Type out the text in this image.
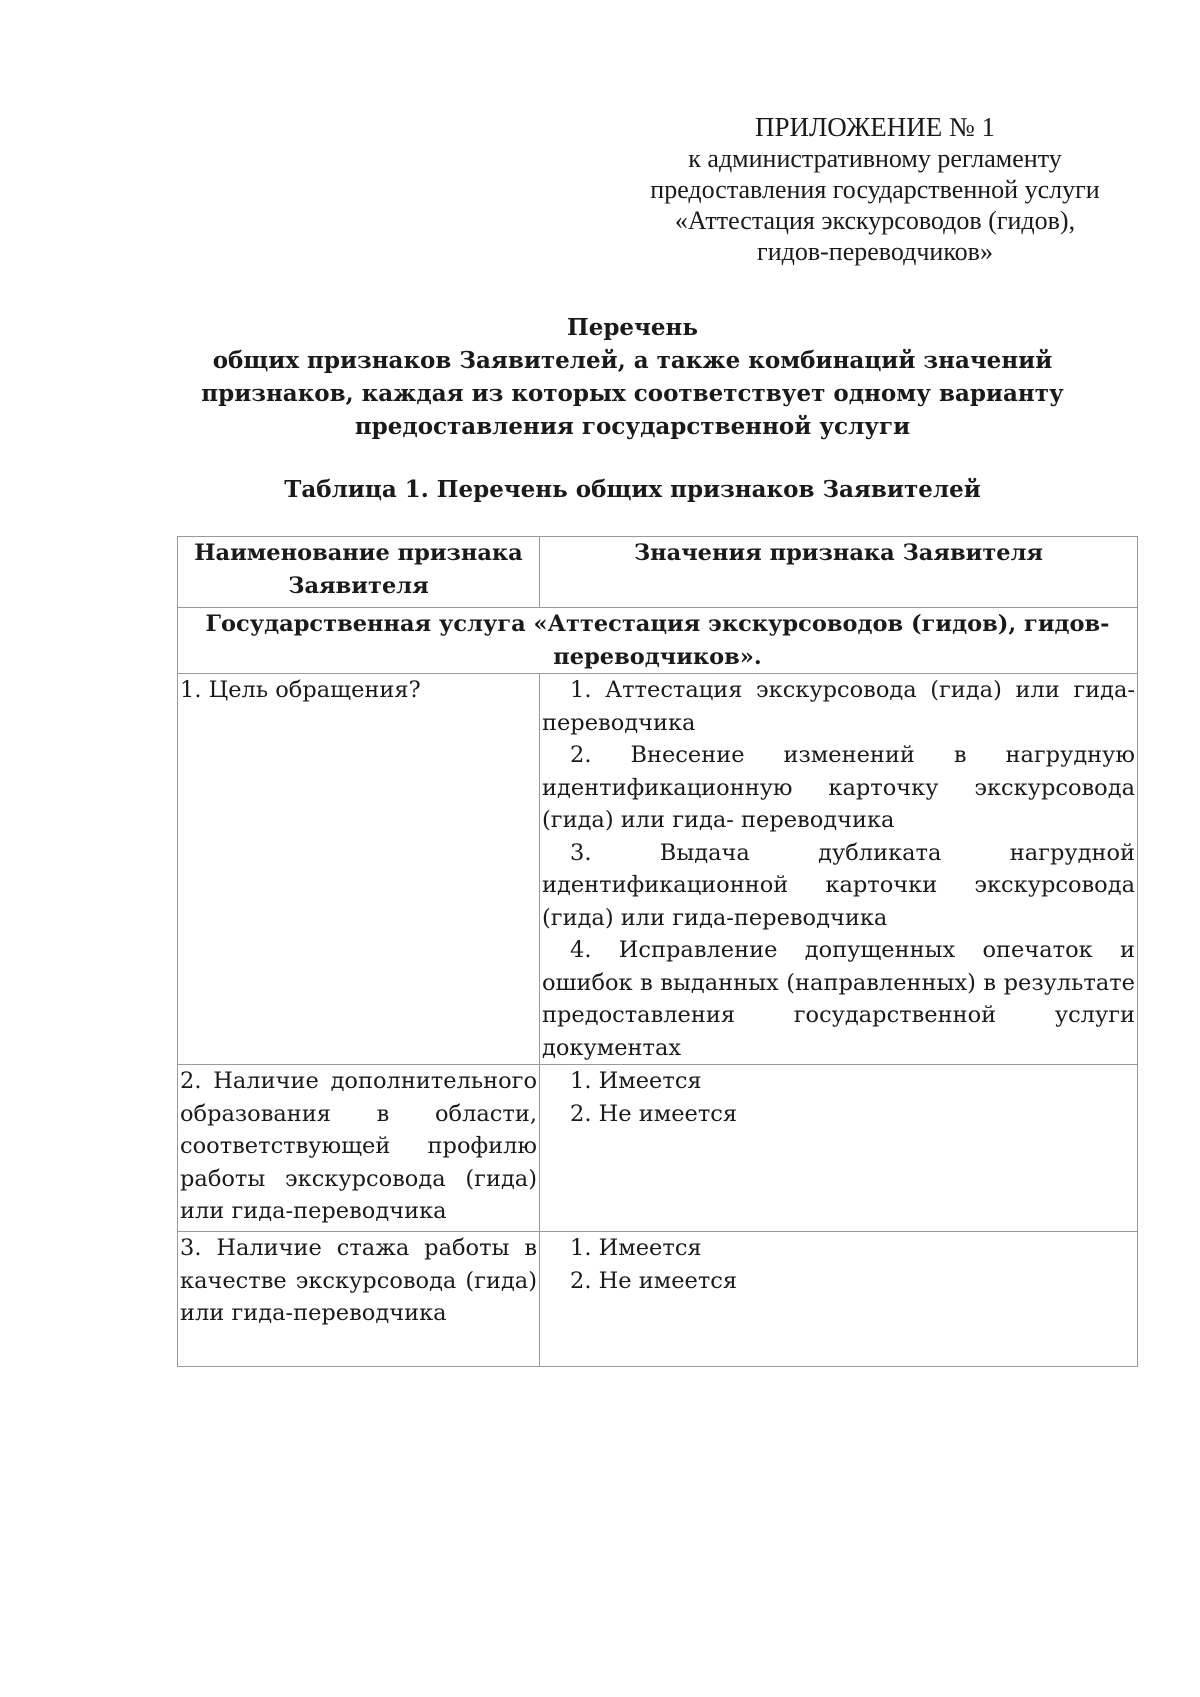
ПРИЛОЖЕНИЕ № 1
к административному регламенту
предоставления государственной услуги
«Аттестация экскурсоводов (гидов),
гидов-переводчиков»
Перечень
общих признаков Заявителей, а также комбинаций значений
признаков, каждая из которых соответствует одному варианту
предоставления государственной услуги
Таблица 1. Перечень общих признаков Заявителей
Наименование признака Заявителя	Значения признака Заявителя
Государственная услуга «Аттестация экскурсоводов (гидов), гидов-переводчиков».	

1. Цель обращения?	1. Аттестация экскурсовода (гида) или гида-переводчика

2. Внесение изменений в нагрудную идентификационную карточку экскурсовода (гида) или гида- переводчика

3. Выдача дубликата нагрудной идентификационной карточки экскурсовода (гида) или гида-переводчика

4. Исправление допущенных опечаток и ошибок в выданных (направленных) в результате предоставления государственной услуги документах

2. Наличие дополнительного образования в области, соответствующей профилю работы экскурсовода (гида) или гида-переводчика	1. Имеется

2. Не имеется

3. Наличие стажа работы в качестве экскурсовода (гида) или гида-переводчика	1. Имеется

2. Не имеется
